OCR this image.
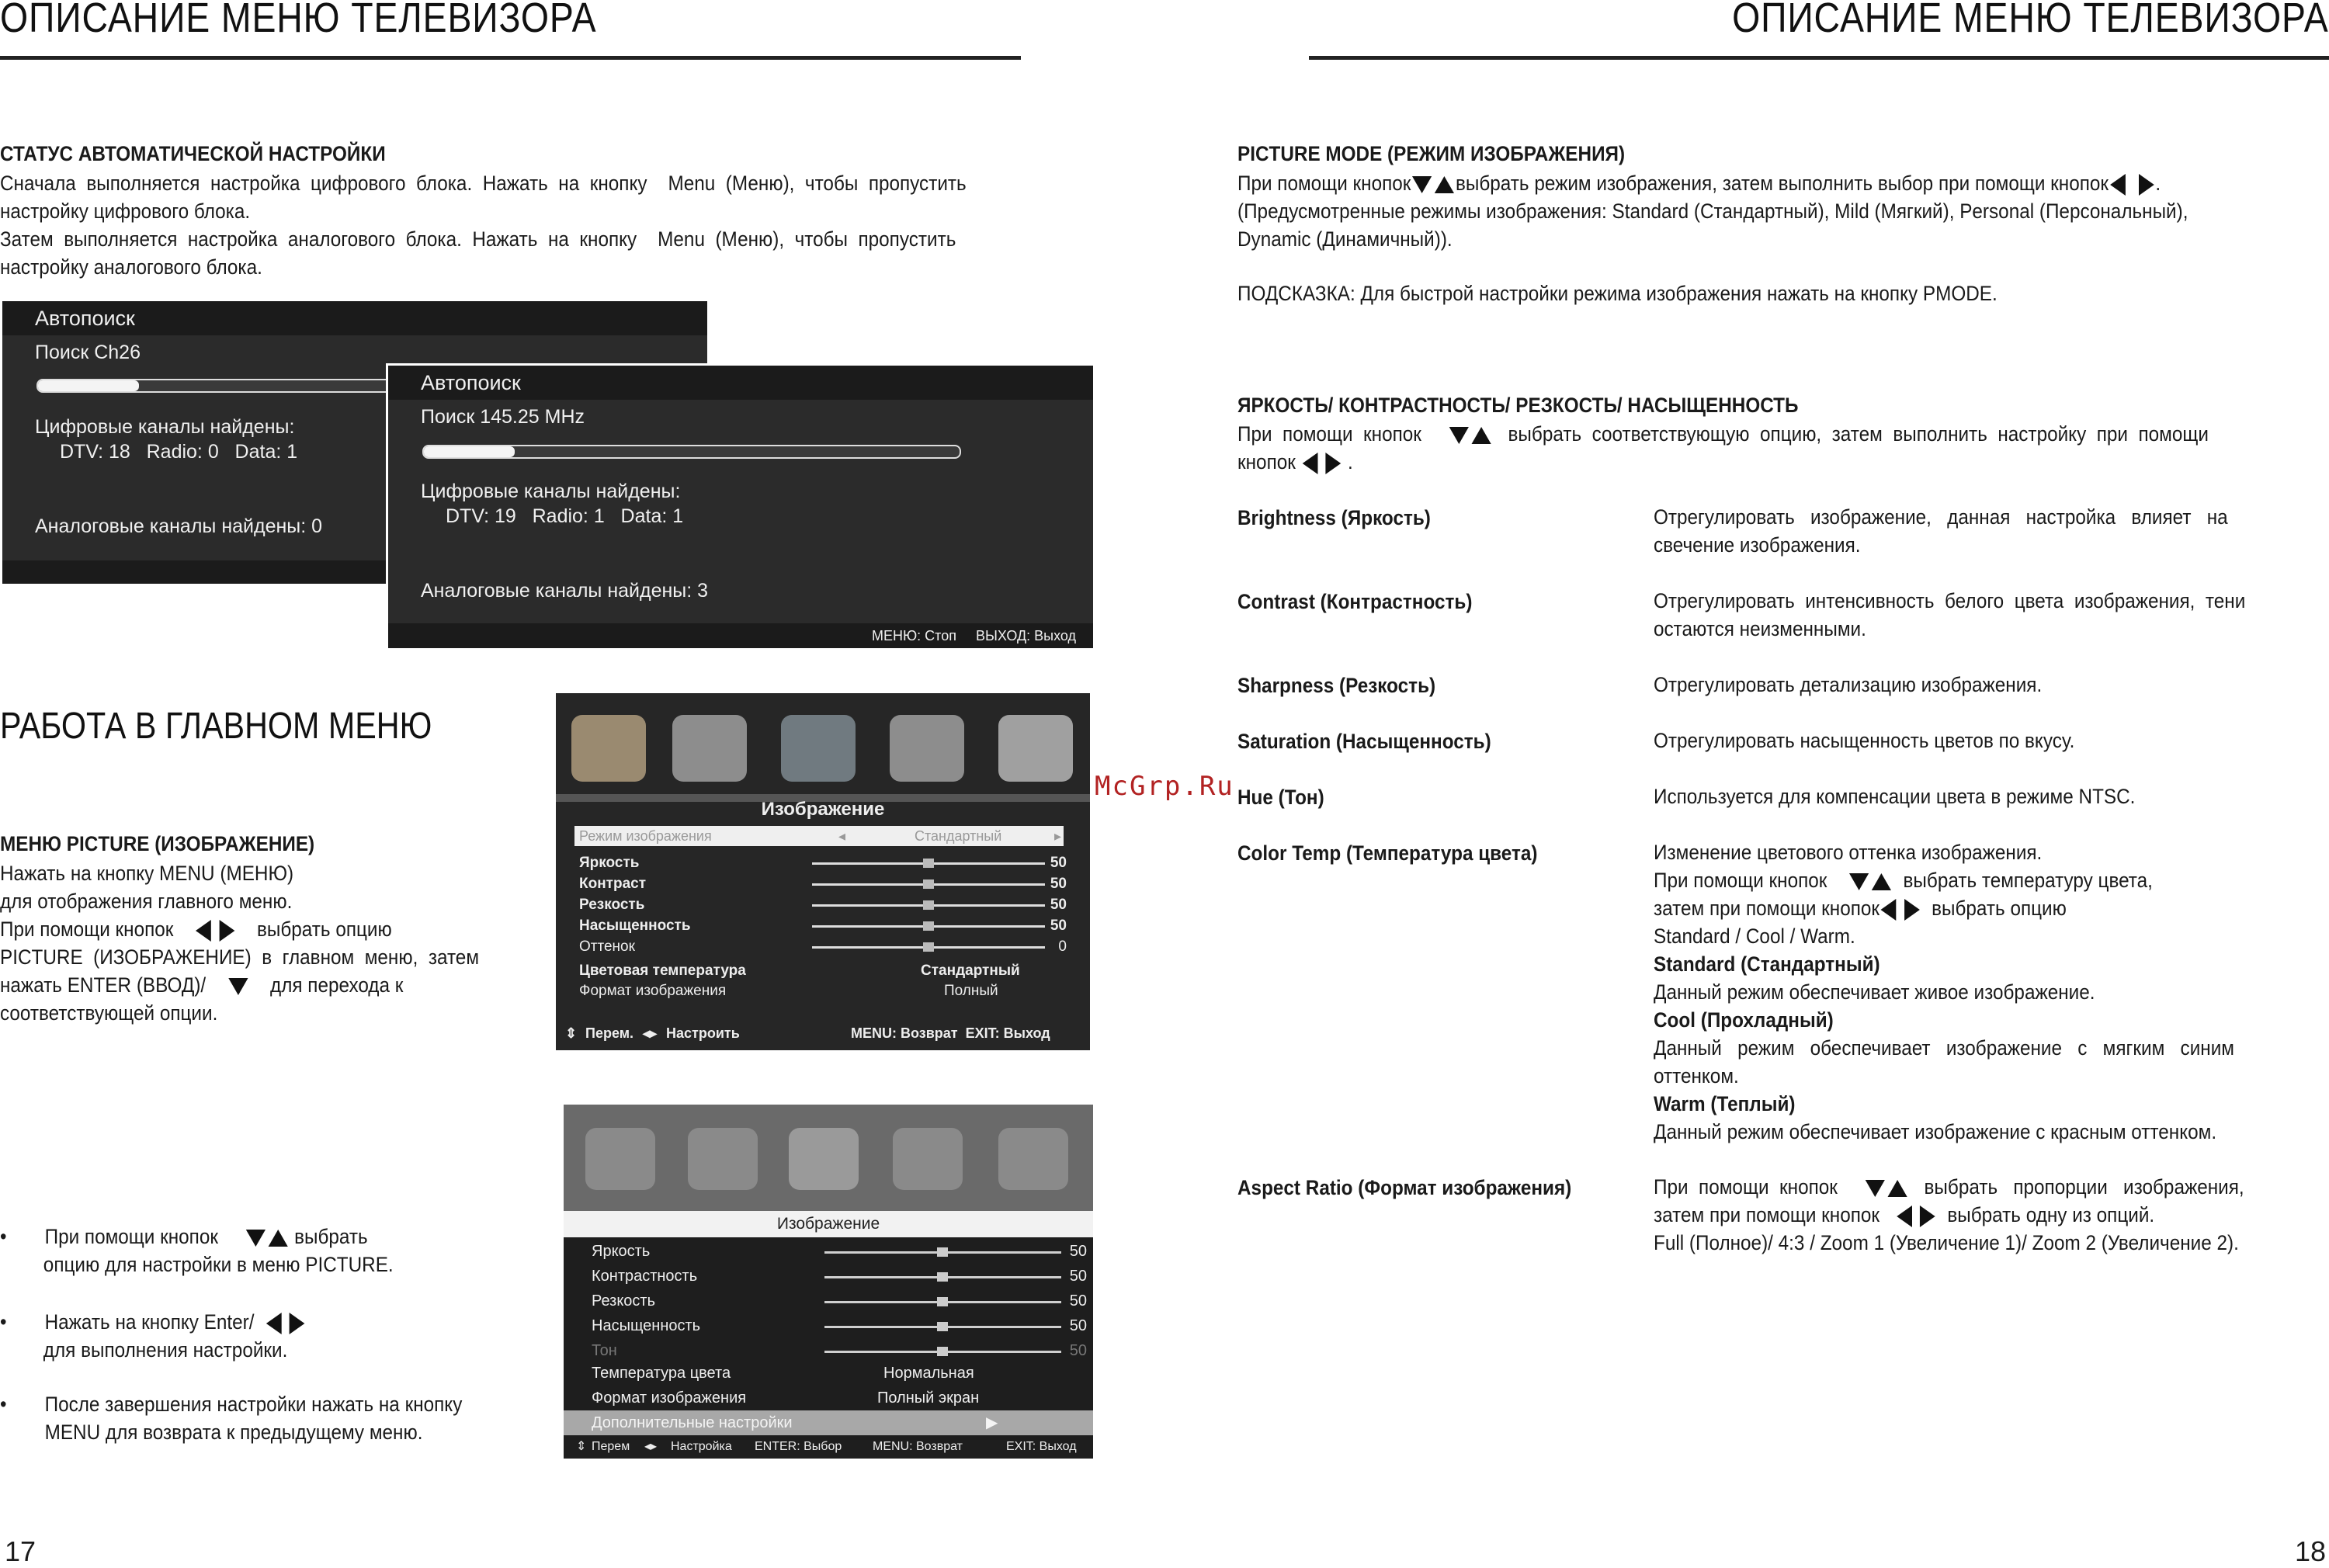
ОПИСАНИЕ МЕНЮ ТЕЛЕВИЗОРА
СТАТУС АВТОМАТИЧЕСКОЙ НАСТРОЙКИ
Сначала  выполняется  настройка  цифрового  блока.  Нажать  на  кнопку    Menu  (Меню),  чтобы  пропустить
настройку цифрового блока.
Затем  выполняется  настройка  аналогового  блока.  Нажать  на  кнопку    Menu  (Меню),  чтобы  пропустить
настройку аналогового блока.
Автопоиск
Поиск Ch26
Цифровые каналы найдены:
DTV: 18   Radio: 0   Data: 1
Аналоговые каналы найдены: 0
Автопоиск
Поиск 145.25 MHz
Цифровые каналы найдены:
DTV: 19   Radio: 1   Data: 1
Аналоговые каналы найдены: 3
МЕНЮ: Стоп     ВЫХОД: Выход
РАБОТА В ГЛАВНОМ МЕНЮ
МЕНЮ PICTURE (ИЗОБРАЖЕНИЕ)
Нажать на кнопку MENU (МЕНЮ)
для отображения главного меню.
При помощи кнопок	выбрать опцию
PICTURE  (ИЗОБРАЖЕНИЕ)  в  главном  меню,  затем
нажать ENTER (ВВОД)/	для перехода к
соответствующей опции.
Изображение
Режим изображения	◂	Стандартный	▸
Яркость	50
Контраст	50
Резкость	50
Насыщенность	50
Оттенок	0
Цветовая температура	Стандартный
Формат изображения	Полный
⇕ Перем. ◂▸ Настроить	MENU: Возврат  EXIT: Выход
• При помощи кнопок	выбрать
опцию для настройки в меню PICTURE.
• Нажать на кнопку Enter/
для выполнения настройки.
• После завершения настройки нажать на кнопку
MENU для возврата к предыдущему меню.
Изображение
Яркость	50
Контрастность	50
Резкость	50
Насыщенность	50
Тон	50
Температура цвета	Нормальная
Формат изображения	Полный экран
Дополнительные настройки	▶
⇕ Перем ◂▸ Настройка ENTER: Выбор MENU: Возврат	EXIT: Выход
17
McGrp.Ru
ОПИСАНИЕ МЕНЮ ТЕЛЕВИЗОРА
PICTURE MODE (РЕЖИМ ИЗОБРАЖЕНИЯ)
При помощи кнопок выбрать режим изображения, затем выполнить выбор при помощи кнопок .
(Предусмотренные режимы изображения: Standard (Стандартный), Mild (Мягкий), Personal (Персональный),
Dynamic (Динамичный)).
ПОДСКАЗКА: Для быстрой настройки режима изображения нажать на кнопку PMODE.
ЯРКОСТЬ/ КОНТРАСТНОСТЬ/ РЕЗКОСТЬ/ НАСЫЩЕННОСТЬ
При  помощи  кнопок	выбрать  соответствующую  опцию,  затем  выполнить  настройку  при  помощи
кнопок   .
Brightness (Яркость)	Отрегулировать   изображение,   данная   настройка   влияет   на
свечение изображения.
Contrast (Контрастность)	Отрегулировать  интенсивность  белого  цвета  изображения,  тени
остаются неизменными.
Sharpness (Резкость)	Отрегулировать детализацию изображения.
Saturation (Насыщенность)	Отрегулировать насыщенность цветов по вкусу.
Hue (Тон)	Используется для компенсации цвета в режиме NTSC.
Color Temp (Температура цвета)	Изменение цветового оттенка изображения.
При помощи кнопок	выбрать температуру цвета,
затем при помощи кнопок выбрать опцию
Standard / Cool / Warm.
Standard (Стандартный)
Данный режим обеспечивает живое изображение.
Cool (Прохладный)
Данный   режим   обеспечивает   изображение   с   мягким   синим
оттенком.
Warm (Теплый)
Данный режим обеспечивает изображение с красным оттенком.
Aspect Ratio (Формат изображения)	При  помощи  кнопок	выбрать   пропорции   изображения,
затем при помощи кнопок	выбрать одну из опций.
Full (Полное)/ 4:3 / Zoom 1 (Увеличение 1)/ Zoom 2 (Увеличение 2).
18
